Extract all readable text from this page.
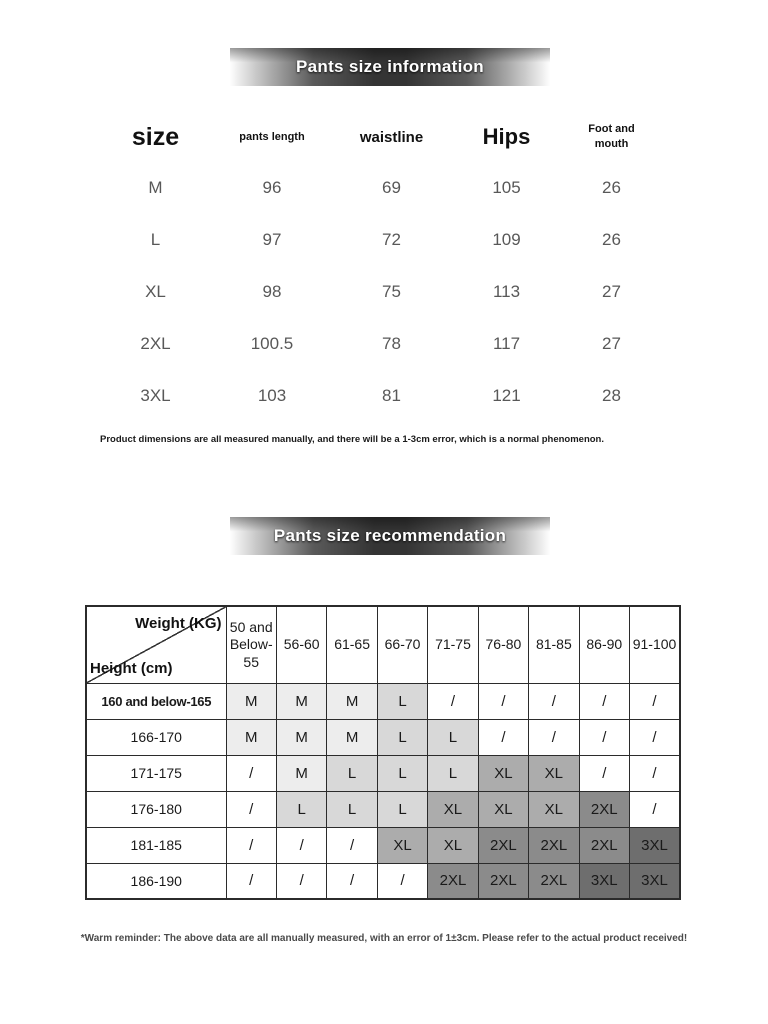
Pants size information
size	pants length	waistline	Hips	Foot and mouth
M	96	69	105	26
L	97	72	109	26
XL	98	75	113	27
2XL	100.5	78	117	27
3XL	103	81	121	28
Product dimensions are all measured manually, and there will be a 1-3cm error, which is a normal phenomenon.
Pants size recommendation
Weight (KG)
Height (cm)	50 and Below-55	56-60	61-65	66-70	71-75	76-80	81-85	86-90	91-100
160 and below-165	M	M	M	L	/	/	/	/	/
166-170	M	M	M	L	L	/	/	/	/
171-175	/	M	L	L	L	XL	XL	/	/
176-180	/	L	L	L	XL	XL	XL	2XL	/
181-185	/	/	/	XL	XL	2XL	2XL	2XL	3XL
186-190	/	/	/	/	2XL	2XL	2XL	3XL	3XL
*Warm reminder: The above data are all manually measured, with an error of 1±3cm. Please refer to the actual product received!
